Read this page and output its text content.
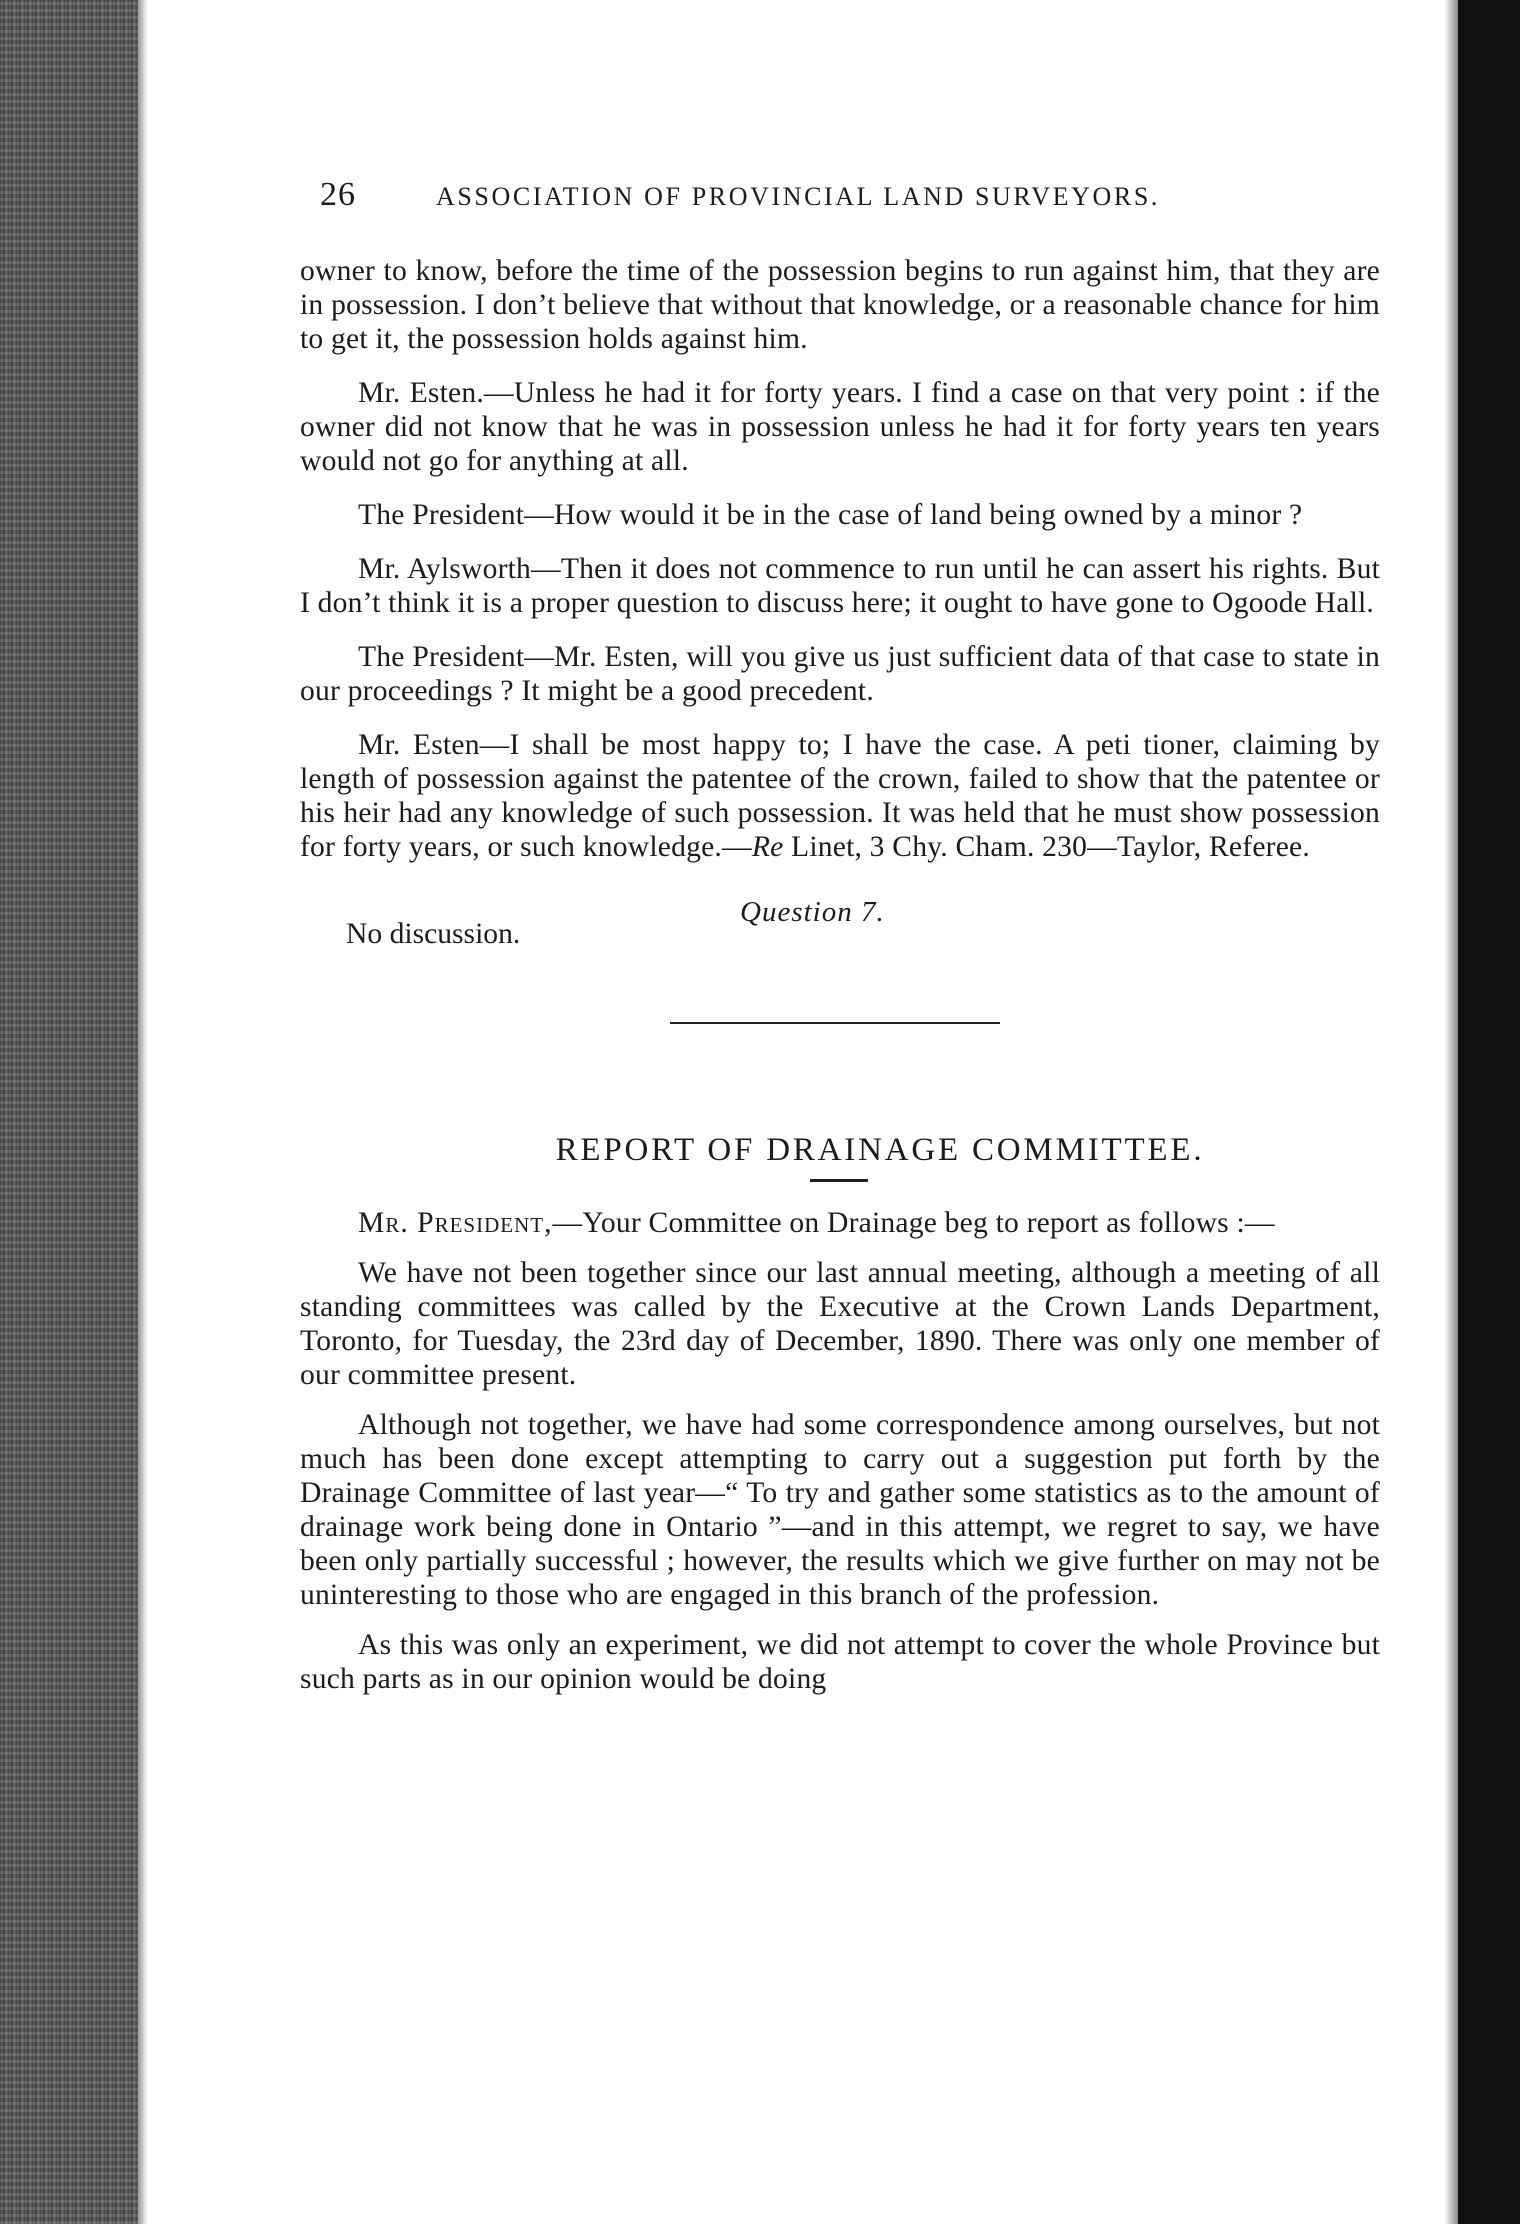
26	ASSOCIATION OF PROVINCIAL LAND SURVEYORS.

owner to know, before the time of the possession begins to run against him, that they are in possession. I don’t believe that without that knowledge, or a reasonable chance for him to get it, the possession holds against him.

Mr. Esten.—Unless he had it for forty years. I find a case on that very point : if the owner did not know that he was in possession unless he had it for forty years ten years would not go for anything at all.

The President—How would it be in the case of land being owned by a minor ?

Mr. Aylsworth—Then it does not commence to run until he can assert his rights. But I don’t think it is a proper question to discuss here; it ought to have gone to Ogoode Hall.

The President—Mr. Esten, will you give us just sufficient data of that case to state in our proceedings ? It might be a good precedent.

Mr. Esten—I shall be most happy to; I have the case. A peti tioner, claiming by length of possession against the patentee of the crown, failed to show that the patentee or his heir had any knowledge of such possession. It was held that he must show possession for forty years, or such knowledge.—Re Linet, 3 Chy. Cham. 230—Taylor, Referee.

Question 7.
No discussion.
REPORT OF DRAINAGE COMMITTEE.

Mr. President,—Your Committee on Drainage beg to report as follows :—

We have not been together since our last annual meeting, although a meeting of all standing committees was called by the Executive at the Crown Lands Department, Toronto, for Tuesday, the 23rd day of December, 1890. There was only one member of our committee present.

Although not together, we have had some correspondence among ourselves, but not much has been done except attempting to carry out a suggestion put forth by the Drainage Committee of last year—“ To try and gather some statistics as to the amount of drainage work being done in Ontario ”—and in this attempt, we regret to say, we have been only partially successful ; however, the results which we give further on may not be uninteresting to those who are engaged in this branch of the profession.

As this was only an experiment, we did not attempt to cover the whole Province but such parts as in our opinion would be doing
